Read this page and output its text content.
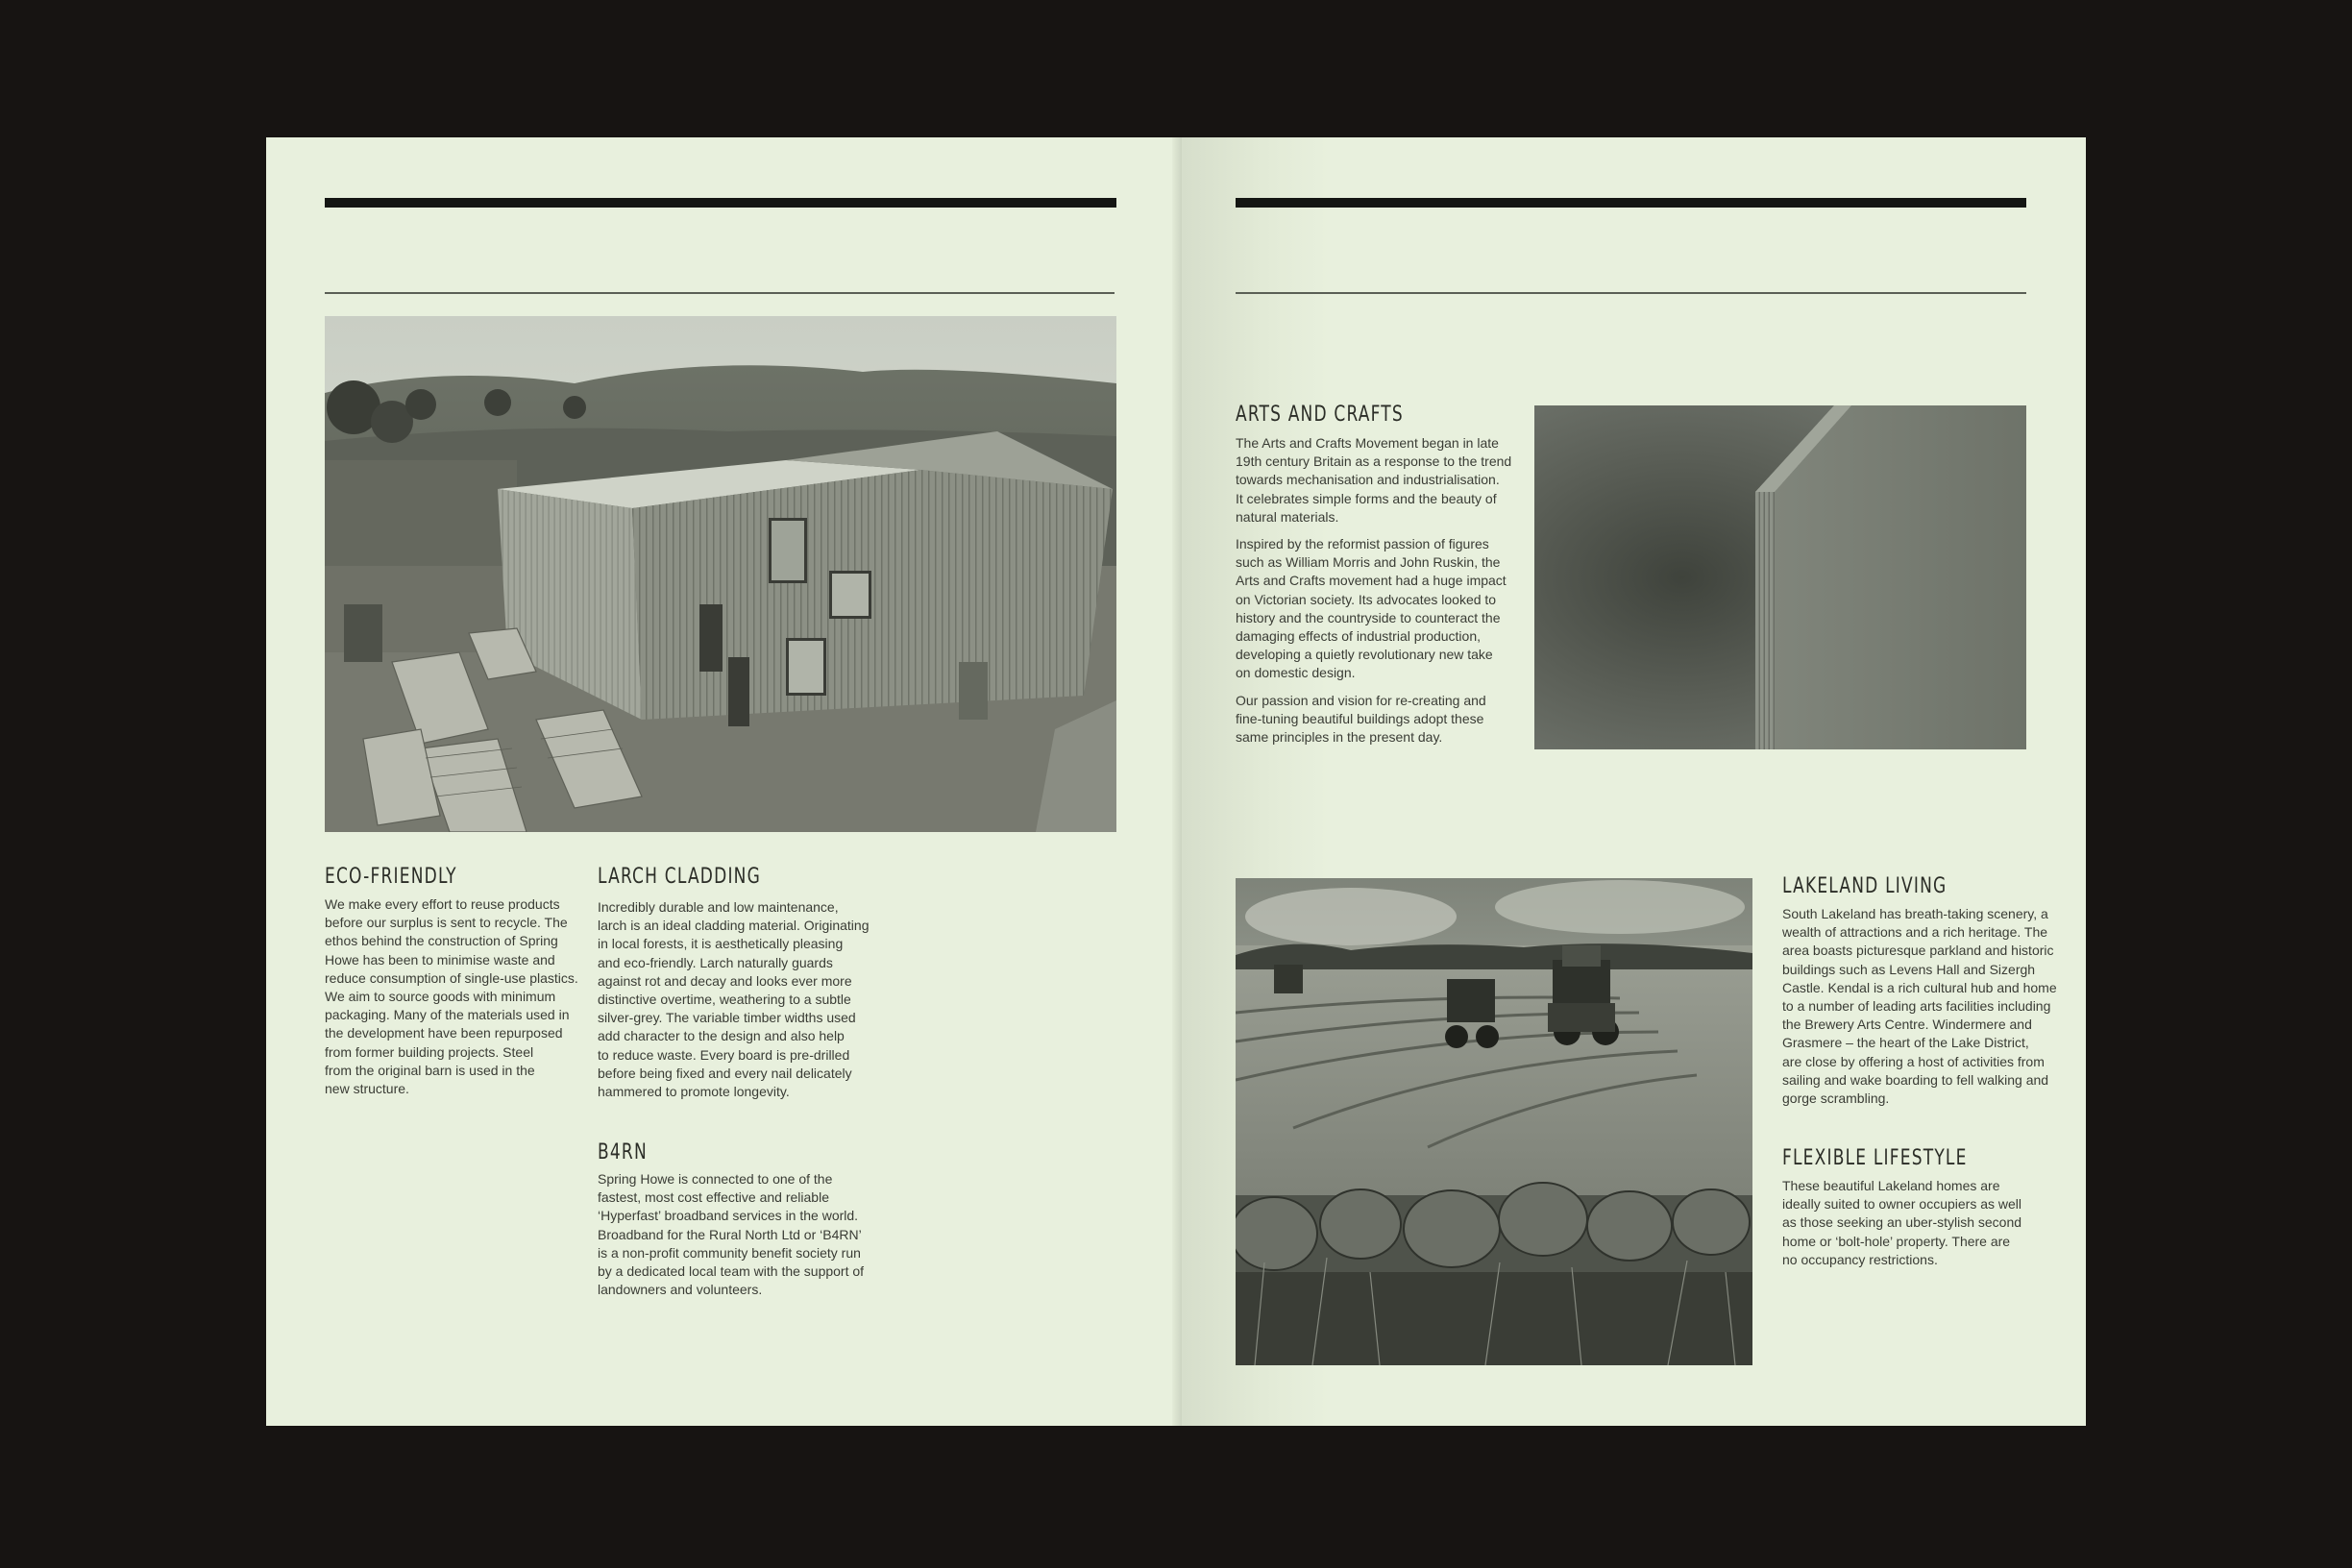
ECO-FRIENDLY
We make every effort to reuse products
before our surplus is sent to recycle. The
ethos behind the construction of Spring
Howe has been to minimise waste and
reduce consumption of single-use plastics.
We aim to source goods with minimum
packaging. Many of the materials used in
the development have been repurposed
from former building projects. Steel
from the original barn is used in the
new structure.
LARCH CLADDING
Incredibly durable and low maintenance,
larch is an ideal cladding material. Originating
in local forests, it is aesthetically pleasing
and eco-friendly. Larch naturally guards
against rot and decay and looks ever more
distinctive overtime, weathering to a subtle
silver-grey. The variable timber widths used
add character to the design and also help
to reduce waste. Every board is pre-drilled
before being fixed and every nail delicately
hammered to promote longevity.
B4RN
Spring Howe is connected to one of the
fastest, most cost effective and reliable
‘Hyperfast’ broadband services in the world.
Broadband for the Rural North Ltd or ‘B4RN’
is a non-profit community benefit society run
by a dedicated local team with the support of
landowners and volunteers.
ARTS AND CRAFTS

The Arts and Crafts Movement began in late
19th century Britain as a response to the trend
towards mechanisation and industrialisation.
It celebrates simple forms and the beauty of
natural materials.

Inspired by the reformist passion of figures
such as William Morris and John Ruskin, the
Arts and Crafts movement had a huge impact
on Victorian society. Its advocates looked to
history and the countryside to counteract the
damaging effects of industrial production,
developing a quietly revolutionary new take
on domestic design.

Our passion and vision for re-creating and
fine-tuning beautiful buildings adopt these
same principles in the present day.

LAKELAND LIVING
South Lakeland has breath-taking scenery, a
wealth of attractions and a rich heritage. The
area boasts picturesque parkland and historic
buildings such as Levens Hall and Sizergh
Castle. Kendal is a rich cultural hub and home
to a number of leading arts facilities including
the Brewery Arts Centre. Windermere and
Grasmere – the heart of the Lake District,
are close by offering a host of activities from
sailing and wake boarding to fell walking and
gorge scrambling.
FLEXIBLE LIFESTYLE
These beautiful Lakeland homes are
ideally suited to owner occupiers as well
as those seeking an uber-stylish second
home or ‘bolt-hole’ property. There are
no occupancy restrictions.
